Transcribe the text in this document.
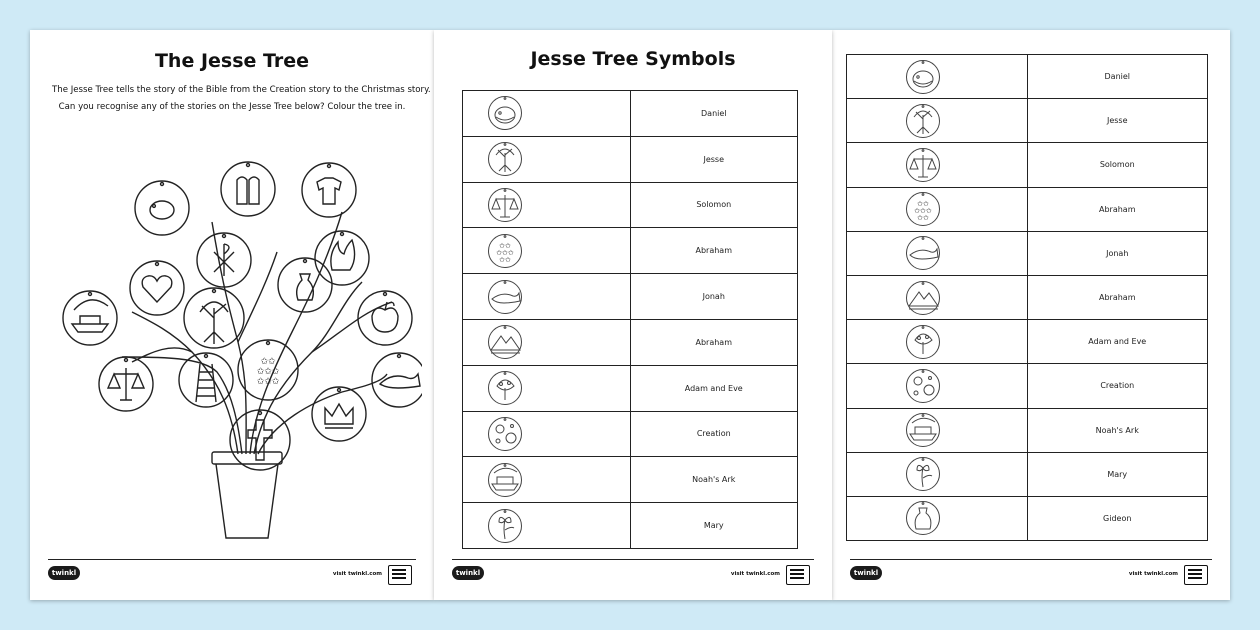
The Jesse Tree
The Jesse Tree tells the story of the Bible from the Creation story to the Christmas story.
Can you recognise any of the stories on the Jesse Tree below? Colour the tree in.
✩✩✩
✩✩✩
✩✩
twinkl	visit twinkl.com
Jesse Tree Symbols
	Daniel

	Jesse

	Solomon

✩✩
✩✩✩
✩✩	Abraham

	Jonah

	Abraham

	Adam and Eve

	Creation

	Noah's Ark

	Mary
twinkl	visit twinkl.com
	Daniel

	Jesse

	Solomon

✩✩
✩✩✩
✩✩	Abraham

	Jonah

	Abraham

	Adam and Eve

	Creation

	Noah's Ark

	Mary

	Gideon
twinkl	visit twinkl.com
